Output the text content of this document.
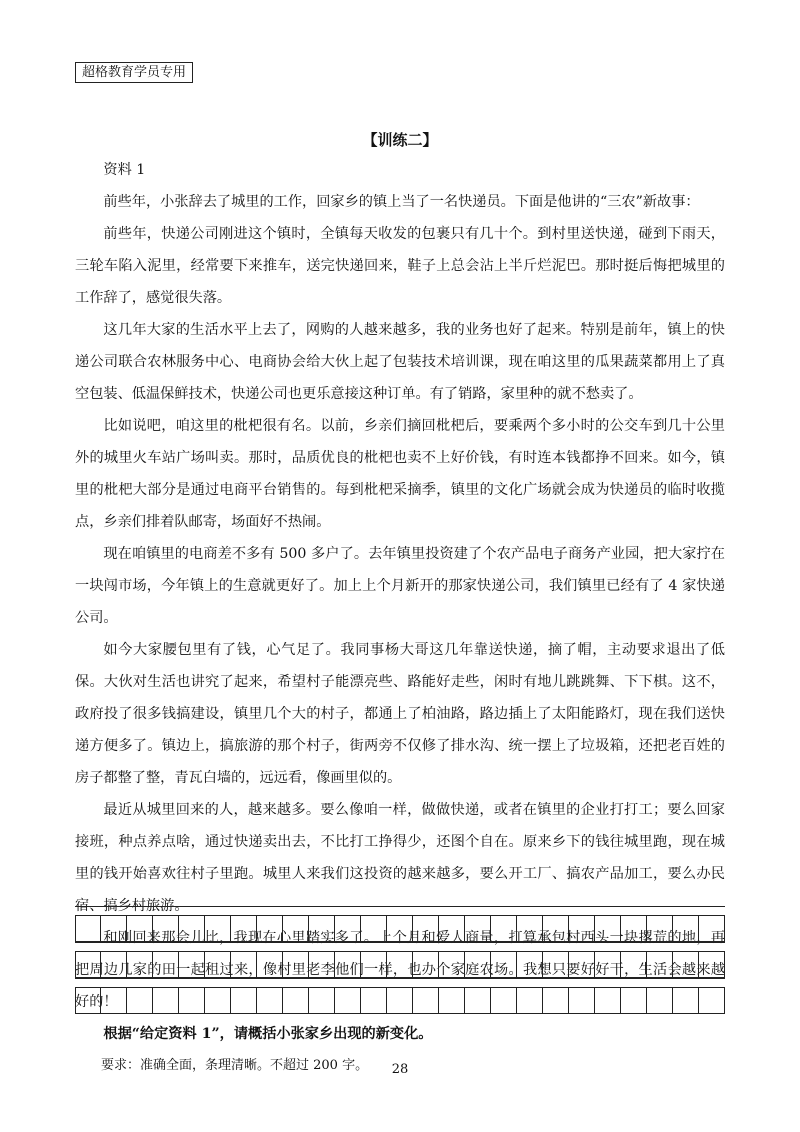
超格教育学员专用
【训练二】

资料 1

前些年，小张辞去了城里的工作，回家乡的镇上当了一名快递员。下面是他讲的“三农”新故事：

前些年，快递公司刚进这个镇时，全镇每天收发的包裹只有几十个。到村里送快递，碰到下雨天，三轮车陷入泥里，经常要下来推车，送完快递回来，鞋子上总会沾上半斤烂泥巴。那时挺后悔把城里的工作辞了，感觉很失落。

这几年大家的生活水平上去了，网购的人越来越多，我的业务也好了起来。特别是前年，镇上的快递公司联合农林服务中心、电商协会给大伙上起了包装技术培训课，现在咱这里的瓜果蔬菜都用上了真空包装、低温保鲜技术，快递公司也更乐意接这种订单。有了销路，家里种的就不愁卖了。

比如说吧，咱这里的枇杷很有名。以前，乡亲们摘回枇杷后，要乘两个多小时的公交车到几十公里外的城里火车站广场叫卖。那时，品质优良的枇杷也卖不上好价钱，有时连本钱都挣不回来。如今，镇里的枇杷大部分是通过电商平台销售的。每到枇杷采摘季，镇里的文化广场就会成为快递员的临时收揽点，乡亲们排着队邮寄，场面好不热闹。

现在咱镇里的电商差不多有 500 多户了。去年镇里投资建了个农产品电子商务产业园，把大家拧在一块闯市场，今年镇上的生意就更好了。加上上个月新开的那家快递公司，我们镇里已经有了 4 家快递公司。

如今大家腰包里有了钱，心气足了。我同事杨大哥这几年靠送快递，摘了帽，主动要求退出了低保。大伙对生活也讲究了起来，希望村子能漂亮些、路能好走些，闲时有地儿跳跳舞、下下棋。这不，政府投了很多钱搞建设，镇里几个大的村子，都通上了柏油路，路边插上了太阳能路灯，现在我们送快递方便多了。镇边上，搞旅游的那个村子，街两旁不仅修了排水沟、统一摆上了垃圾箱，还把老百姓的房子都整了整，青瓦白墙的，远远看，像画里似的。

最近从城里回来的人，越来越多。要么像咱一样，做做快递，或者在镇里的企业打打工；要么回家接班，种点养点啥，通过快递卖出去，不比打工挣得少，还图个自在。原来乡下的钱往城里跑，现在城里的钱开始喜欢往村子里跑。城里人来我们这投资的越来越多，要么开工厂、搞农产品加工，要么办民宿、搞乡村旅游。

和刚回来那会儿比，我现在心里踏实多了。上个月和爱人商量，打算承包村西头一块撂荒的地，再把周边几家的田一起租过来，像村里老李他们一样，也办个家庭农场。我想只要好好干，生活会越来越好的！

根据“给定资料 1”，请概括小张家乡出现的新变化。

要求：准确全面，条理清晰。不超过 200 字。	28
